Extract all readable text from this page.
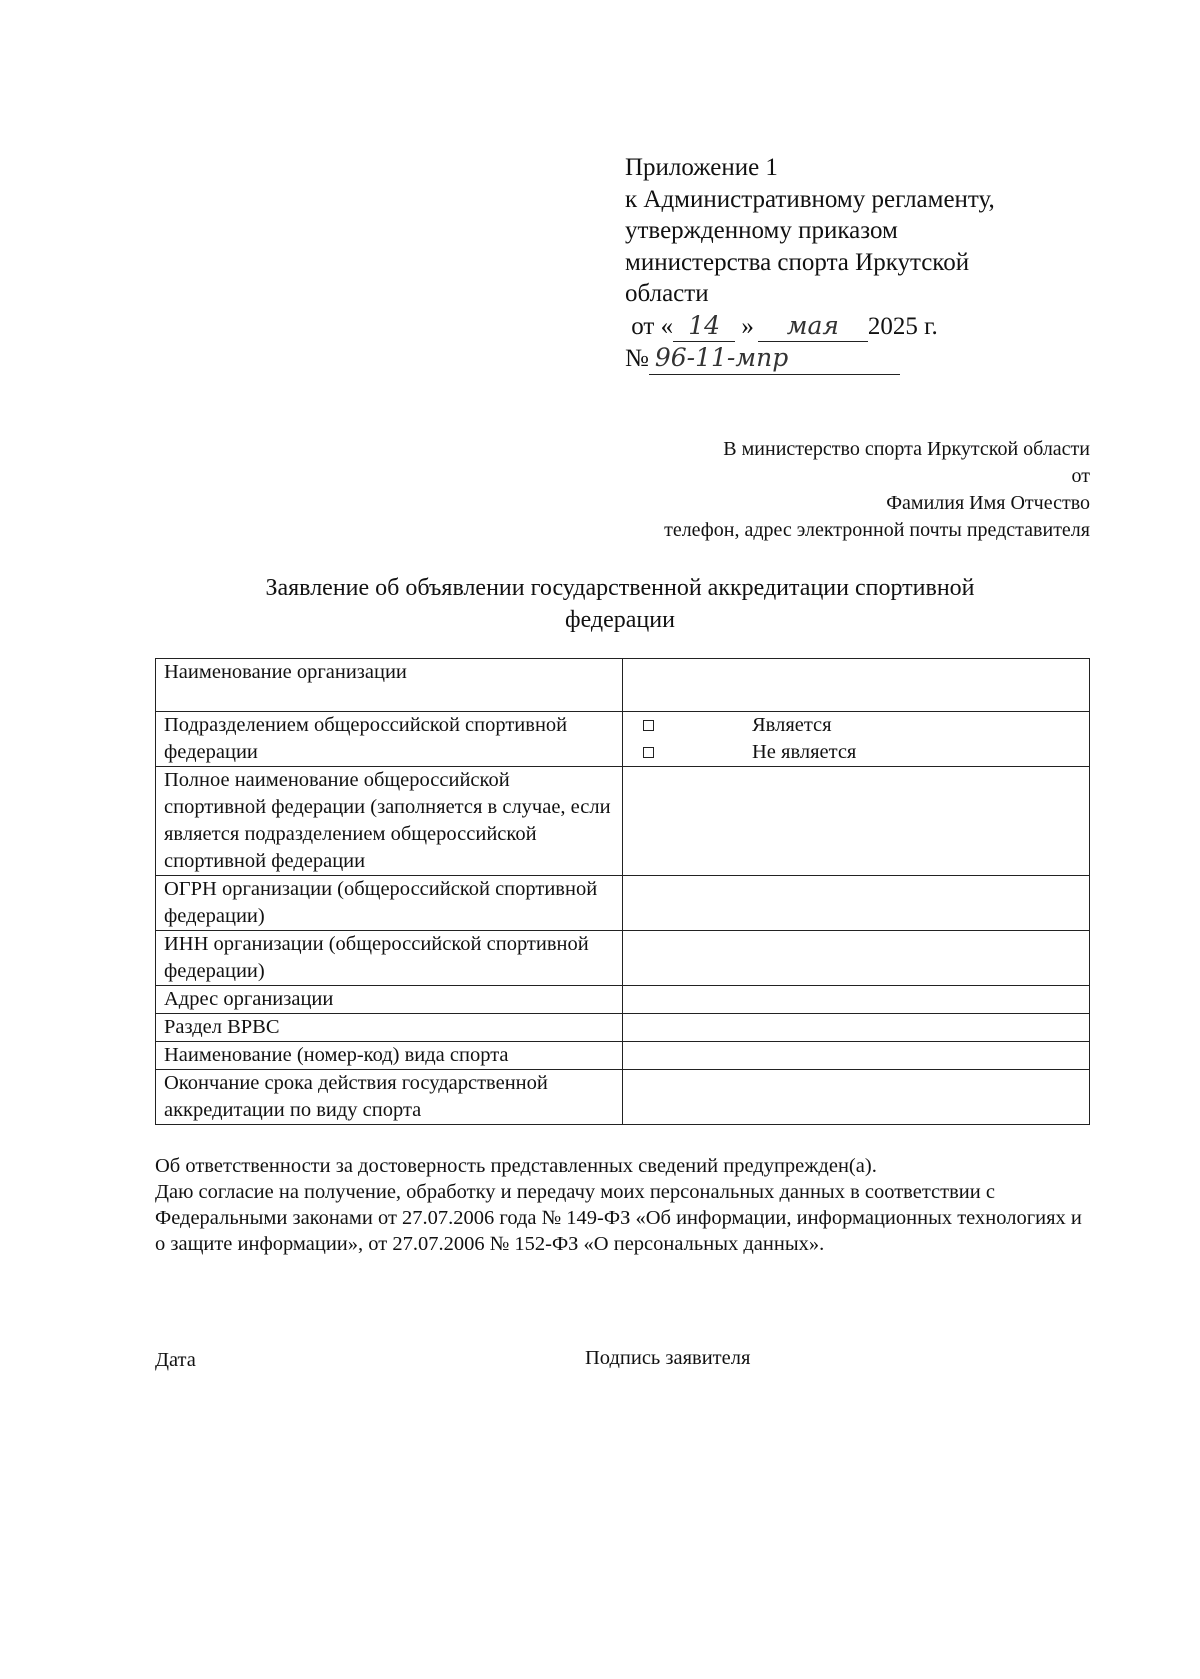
Приложение 1
к Административному регламенту,
утвержденному приказом
министерства спорта Иркутской
области
от « 14 » мая 2025 г.
№ 96-11-мпр
В министерство спорта Иркутской области
от
Фамилия Имя Отчество
телефон, адрес электронной почты представителя
Заявление об объявлении государственной аккредитации спортивной
федерации
Наименование организации	
Подразделением общероссийской спортивной федерации	Является
Не является

Полное наименование общероссийской спортивной федерации (заполняется в случае, если является подразделением общероссийской спортивной федерации	
ОГРН организации (общероссийской спортивной федерации)	
ИНН организации (общероссийской спортивной федерации)	
Адрес организации	
Раздел ВРВС	
Наименование (номер-код) вида спорта	
Окончание срока действия государственной аккредитации по виду спорта	
Об ответственности за достоверность представленных сведений предупрежден(а).
Даю согласие на получение, обработку и передачу моих персональных данных в соответствии с Федеральными законами от 27.07.2006 года № 149-ФЗ «Об информации, информационных технологиях и о защите информации», от 27.07.2006 № 152-ФЗ «О персональных данных».
Дата	Подпись заявителя
